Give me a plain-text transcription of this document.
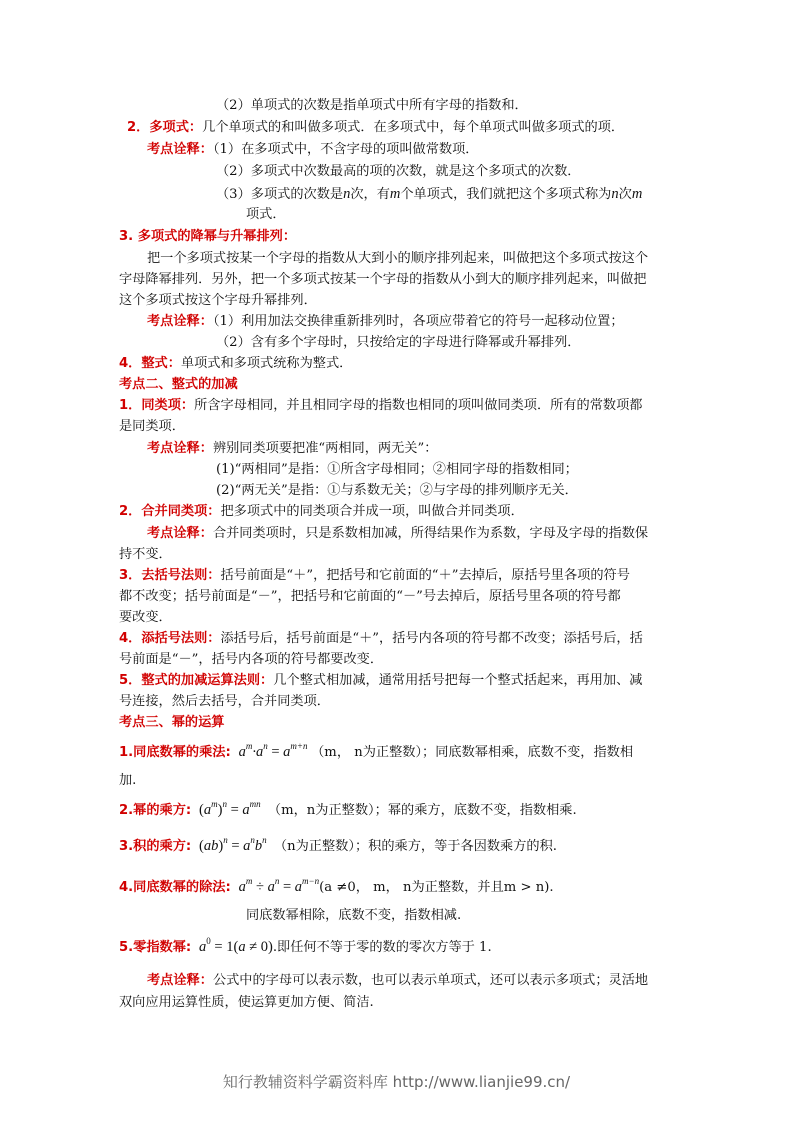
（2）单项式的次数是指单项式中所有字母的指数和．
2．多项式：几个单项式的和叫做多项式．在多项式中，每个单项式叫做多项式的项．
考点诠释：（1）在多项式中，不含字母的项叫做常数项．
（2）多项式中次数最高的项的次数，就是这个多项式的次数．
（3）多项式的次数是n次，有m个单项式，我们就把这个多项式称为n次m
项式．
3. 多项式的降幂与升幂排列：
把一个多项式按某一个字母的指数从大到小的顺序排列起来，叫做把这个多项式按这个
字母降幂排列．另外，把一个多项式按某一个字母的指数从小到大的顺序排列起来，叫做把
这个多项式按这个字母升幂排列．
考点诠释：（1）利用加法交换律重新排列时，各项应带着它的符号一起移动位置；
（2）含有多个字母时，只按给定的字母进行降幂或升幂排列．
4．整式：单项式和多项式统称为整式．
考点二、整式的加减
1．同类项：所含字母相同，并且相同字母的指数也相同的项叫做同类项．所有的常数项都
是同类项．
考点诠释：辨别同类项要把准“两相同，两无关”：
(1)“两相同”是指：①所含字母相同；②相同字母的指数相同；
(2)“两无关”是指：①与系数无关；②与字母的排列顺序无关．
2．合并同类项：把多项式中的同类项合并成一项，叫做合并同类项．
考点诠释：合并同类项时，只是系数相加减，所得结果作为系数，字母及字母的指数保
持不变．
3．去括号法则：括号前面是“＋”，把括号和它前面的“＋”去掉后，原括号里各项的符号
都不改变；括号前面是“－”，把括号和它前面的“－”号去掉后，原括号里各项的符号都
要改变．
4．添括号法则：添括号后，括号前面是“＋”，括号内各项的符号都不改变；添括号后，括
号前面是“－”，括号内各项的符号都要改变．
5．整式的加减运算法则：几个整式相加减，通常用括号把每一个整式括起来，再用加、减
号连接，然后去括号，合并同类项．
考点三、幂的运算
1.同底数幂的乘法:  $a^m\cdot a^n = a^{m+n}$ （m， n为正整数）；同底数幂相乘，底数不变，指数相
加.
2.幂的乘方: $(a^m)^n = a^{mn}$ （m，n为正整数）；幂的乘方，底数不变，指数相乘.
3.积的乘方: $(ab)^n = a^nb^n$ （n为正整数）；积的乘方，等于各因数乘方的积.
4.同底数幂的除法:  $a^m \div a^n = a^{m-n}(a \ne 0$， m， n为正整数，并且m > n).
同底数幂相除，底数不变，指数相减.
5.零指数幂:  $a^0 = 1(a \ne 0)$.即任何不等于零的数的零次方等于 1.
考点诠释：公式中的字母可以表示数，也可以表示单项式，还可以表示多项式；灵活地
双向应用运算性质，使运算更加方便、简洁.
知行教辅资料学霸资料库 http://www.lianjie99.cn/
